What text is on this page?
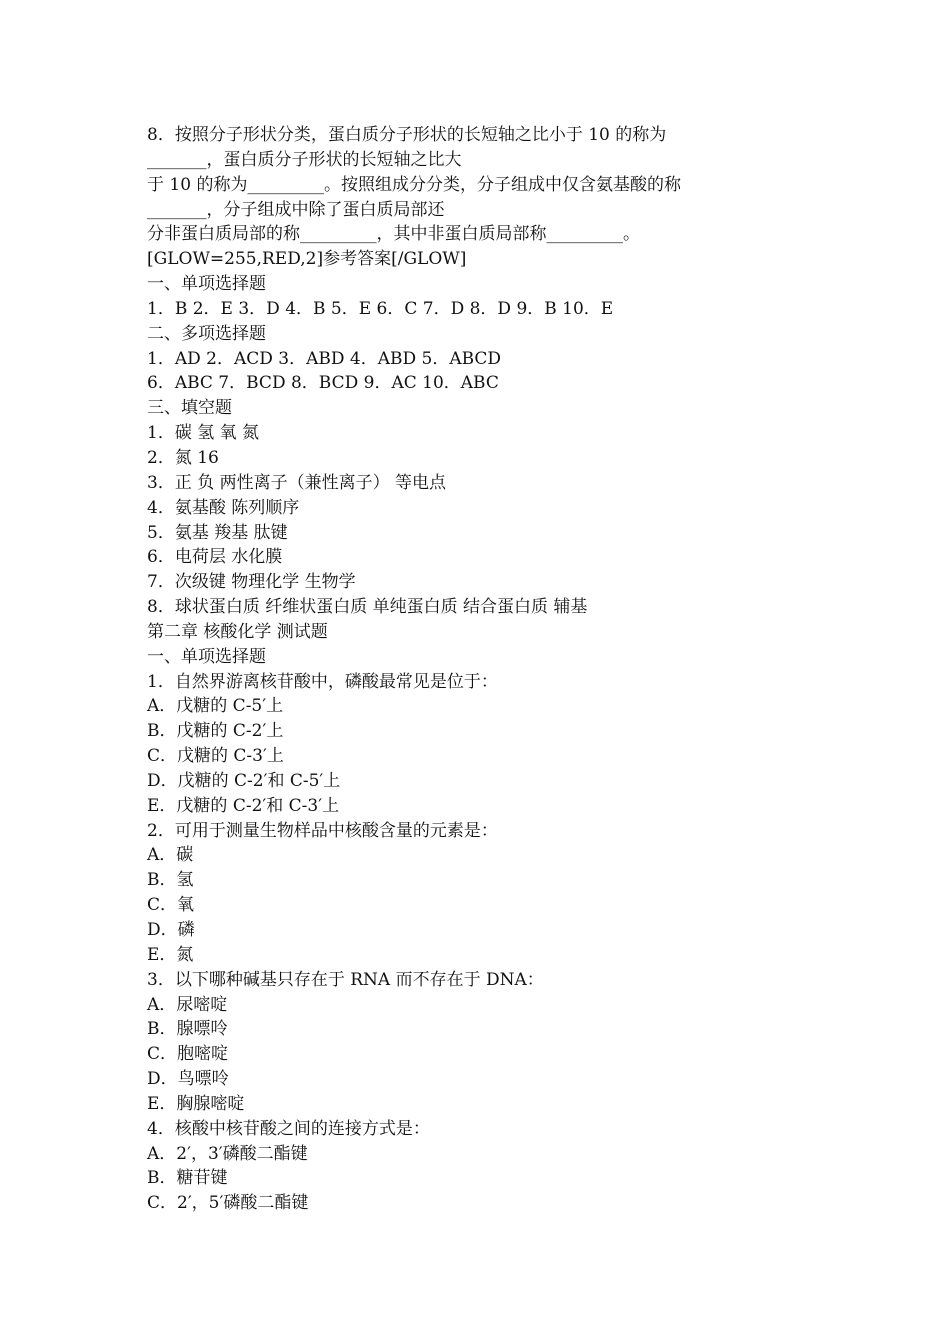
8．按照分子形状分类，蛋白质分子形状的长短轴之比小于 10 的称为
_______，蛋白质分子形状的长短轴之比大
于 10 的称为_________。按照组成分分类，分子组成中仅含氨基酸的称
_______，分子组成中除了蛋白质局部还
分非蛋白质局部的称_________，其中非蛋白质局部称_________。
[GLOW=255,RED,2]参考答案[/GLOW]
一、单项选择题
1．B 2．E 3．D 4．B 5．E 6．C 7．D 8．D 9．B 10．E
二、多项选择题
1．AD 2．ACD 3．ABD 4．ABD 5．ABCD
6．ABC 7．BCD 8．BCD 9．AC 10．ABC
三、填空题
1．碳 氢 氧 氮
2．氮 16
3．正 负 两性离子（兼性离子） 等电点
4．氨基酸 陈列顺序
5．氨基 羧基 肽键
6．电荷层 水化膜
7．次级键 物理化学 生物学
8．球状蛋白质 纤维状蛋白质 单纯蛋白质 结合蛋白质 辅基
第二章 核酸化学 测试题
一、单项选择题
1．自然界游离核苷酸中，磷酸最常见是位于：
A．戊糖的 C-5′上
B．戊糖的 C-2′上
C．戊糖的 C-3′上
D．戊糖的 C-2′和 C-5′上
E．戊糖的 C-2′和 C-3′上
2．可用于测量生物样品中核酸含量的元素是：
A．碳
B．氢
C．氧
D．磷
E．氮
3．以下哪种碱基只存在于 RNA 而不存在于 DNA：
A．尿嘧啶
B．腺嘌呤
C．胞嘧啶
D．鸟嘌呤
E．胸腺嘧啶
4．核酸中核苷酸之间的连接方式是：
A．2′，3′磷酸二酯键
B．糖苷键
C．2′，5′磷酸二酯键
